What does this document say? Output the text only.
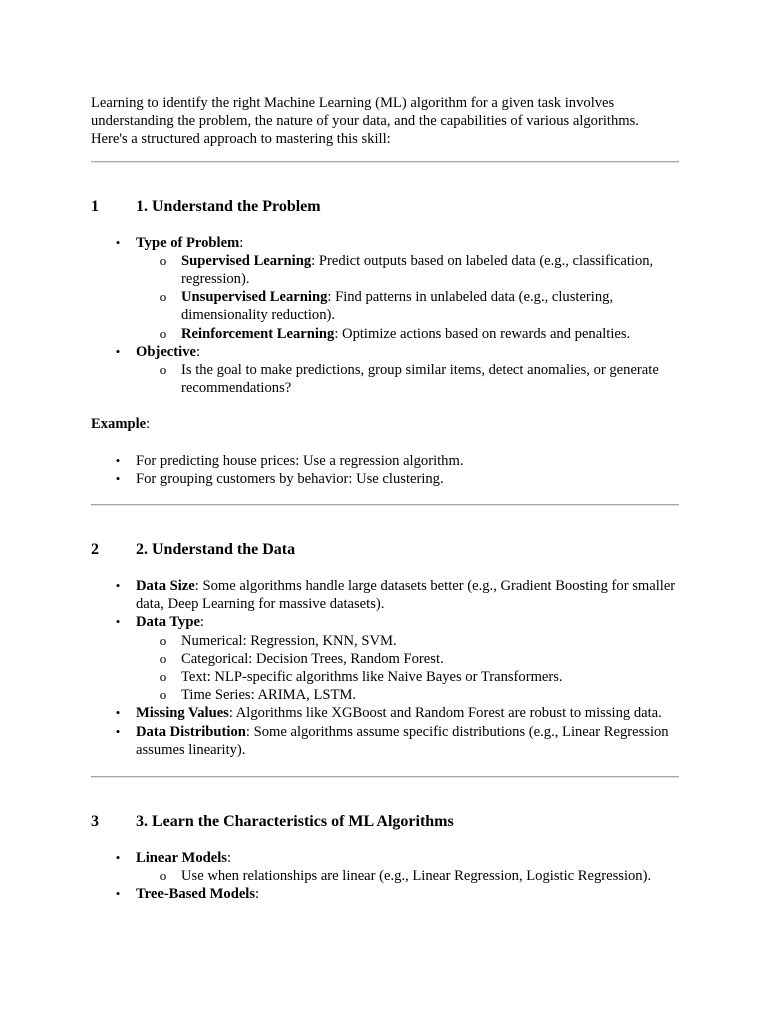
Learning to identify the right Machine Learning (ML) algorithm for a given task involves understanding the problem, the nature of your data, and the capabilities of various algorithms. Here's a structured approach to mastering this skill:

1	1. Understand the Problem
• Type of Problem:
o Supervised Learning: Predict outputs based on labeled data (e.g., classification, regression).
o Unsupervised Learning: Find patterns in unlabeled data (e.g., clustering, dimensionality reduction).
o Reinforcement Learning: Optimize actions based on rewards and penalties.
• Objective:
o Is the goal to make predictions, group similar items, detect anomalies, or generate recommendations?

Example:

• For predicting house prices: Use a regression algorithm.
• For grouping customers by behavior: Use clustering.
2	2. Understand the Data
• Data Size: Some algorithms handle large datasets better (e.g., Gradient Boosting for smaller data, Deep Learning for massive datasets).
• Data Type:
o Numerical: Regression, KNN, SVM.
o Categorical: Decision Trees, Random Forest.
o Text: NLP-specific algorithms like Naive Bayes or Transformers.
o Time Series: ARIMA, LSTM.
• Missing Values: Algorithms like XGBoost and Random Forest are robust to missing data.
• Data Distribution: Some algorithms assume specific distributions (e.g., Linear Regression assumes linearity).
3	3. Learn the Characteristics of ML Algorithms
• Linear Models:
o Use when relationships are linear (e.g., Linear Regression, Logistic Regression).
• Tree-Based Models:
